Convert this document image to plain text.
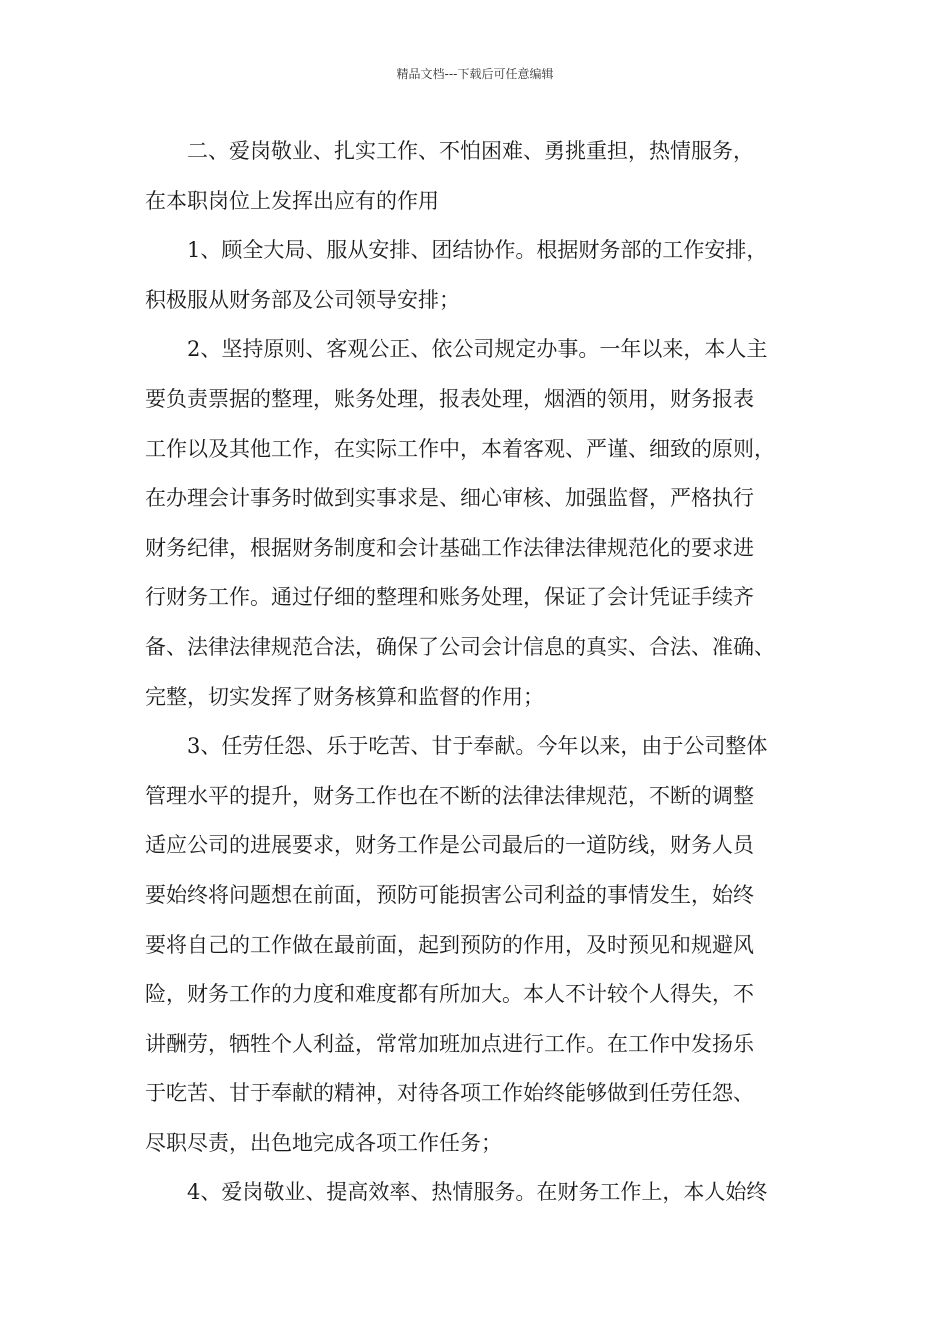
精品文档---下载后可任意编辑
二、爱岗敬业、扎实工作、不怕困难、勇挑重担，热情服务，
在本职岗位上发挥出应有的作用
1、顾全大局、服从安排、团结协作。根据财务部的工作安排，
积极服从财务部及公司领导安排；
2、坚持原则、客观公正、依公司规定办事。一年以来，本人主
要负责票据的整理，账务处理，报表处理，烟酒的领用，财务报表
工作以及其他工作，在实际工作中，本着客观、严谨、细致的原则，
在办理会计事务时做到实事求是、细心审核、加强监督，严格执行
财务纪律，根据财务制度和会计基础工作法律法律规范化的要求进
行财务工作。通过仔细的整理和账务处理，保证了会计凭证手续齐
备、法律法律规范合法，确保了公司会计信息的真实、合法、准确、
完整，切实发挥了财务核算和监督的作用；
3、任劳任怨、乐于吃苦、甘于奉献。今年以来，由于公司整体
管理水平的提升，财务工作也在不断的法律法律规范，不断的调整
适应公司的进展要求，财务工作是公司最后的一道防线，财务人员
要始终将问题想在前面，预防可能损害公司利益的事情发生，始终
要将自己的工作做在最前面，起到预防的作用，及时预见和规避风
险，财务工作的力度和难度都有所加大。本人不计较个人得失，不
讲酬劳，牺牲个人利益，常常加班加点进行工作。在工作中发扬乐
于吃苦、甘于奉献的精神，对待各项工作始终能够做到任劳任怨、
尽职尽责，出色地完成各项工作任务；
4、爱岗敬业、提高效率、热情服务。在财务工作上，本人始终
